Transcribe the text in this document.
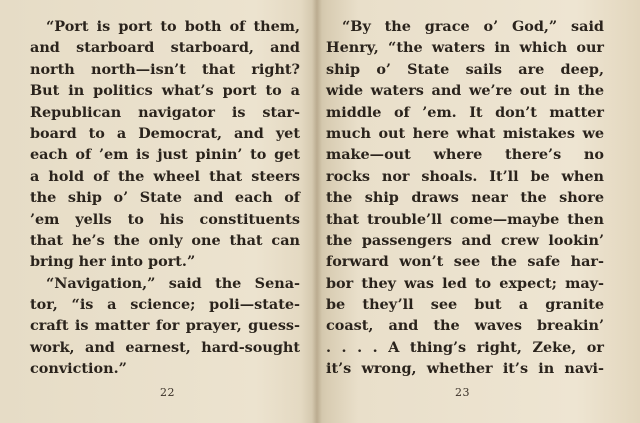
“Port is port to both of them,
and starboard starboard, and
north north—isn’t that right?
But in politics what’s port to a
Republican navigator is star-
board to a Democrat, and yet
each of ’em is just pinin’ to get
a hold of the wheel that steers
the ship o’ State and each of
’em yells to his constituents
that he’s the only one that can
bring her into port.”
“Navigation,” said the Sena-
tor, “is a science; poli—state-
craft is matter for prayer, guess-
work, and earnest, hard-sought
conviction.”
22
“By the grace o’ God,” said
Henry, “the waters in which our
ship o’ State sails are deep,
wide waters and we’re out in the
middle of ’em. It don’t matter
much out here what mistakes we
make—out where there’s no
rocks nor shoals. It’ll be when
the ship draws near the shore
that trouble’ll come—maybe then
the passengers and crew lookin’
forward won’t see the safe har-
bor they was led to expect; may-
be they’ll see but a granite
coast, and the waves breakin’
. . . . A thing’s right, Zeke, or
it’s wrong, whether it’s in navi-
23
